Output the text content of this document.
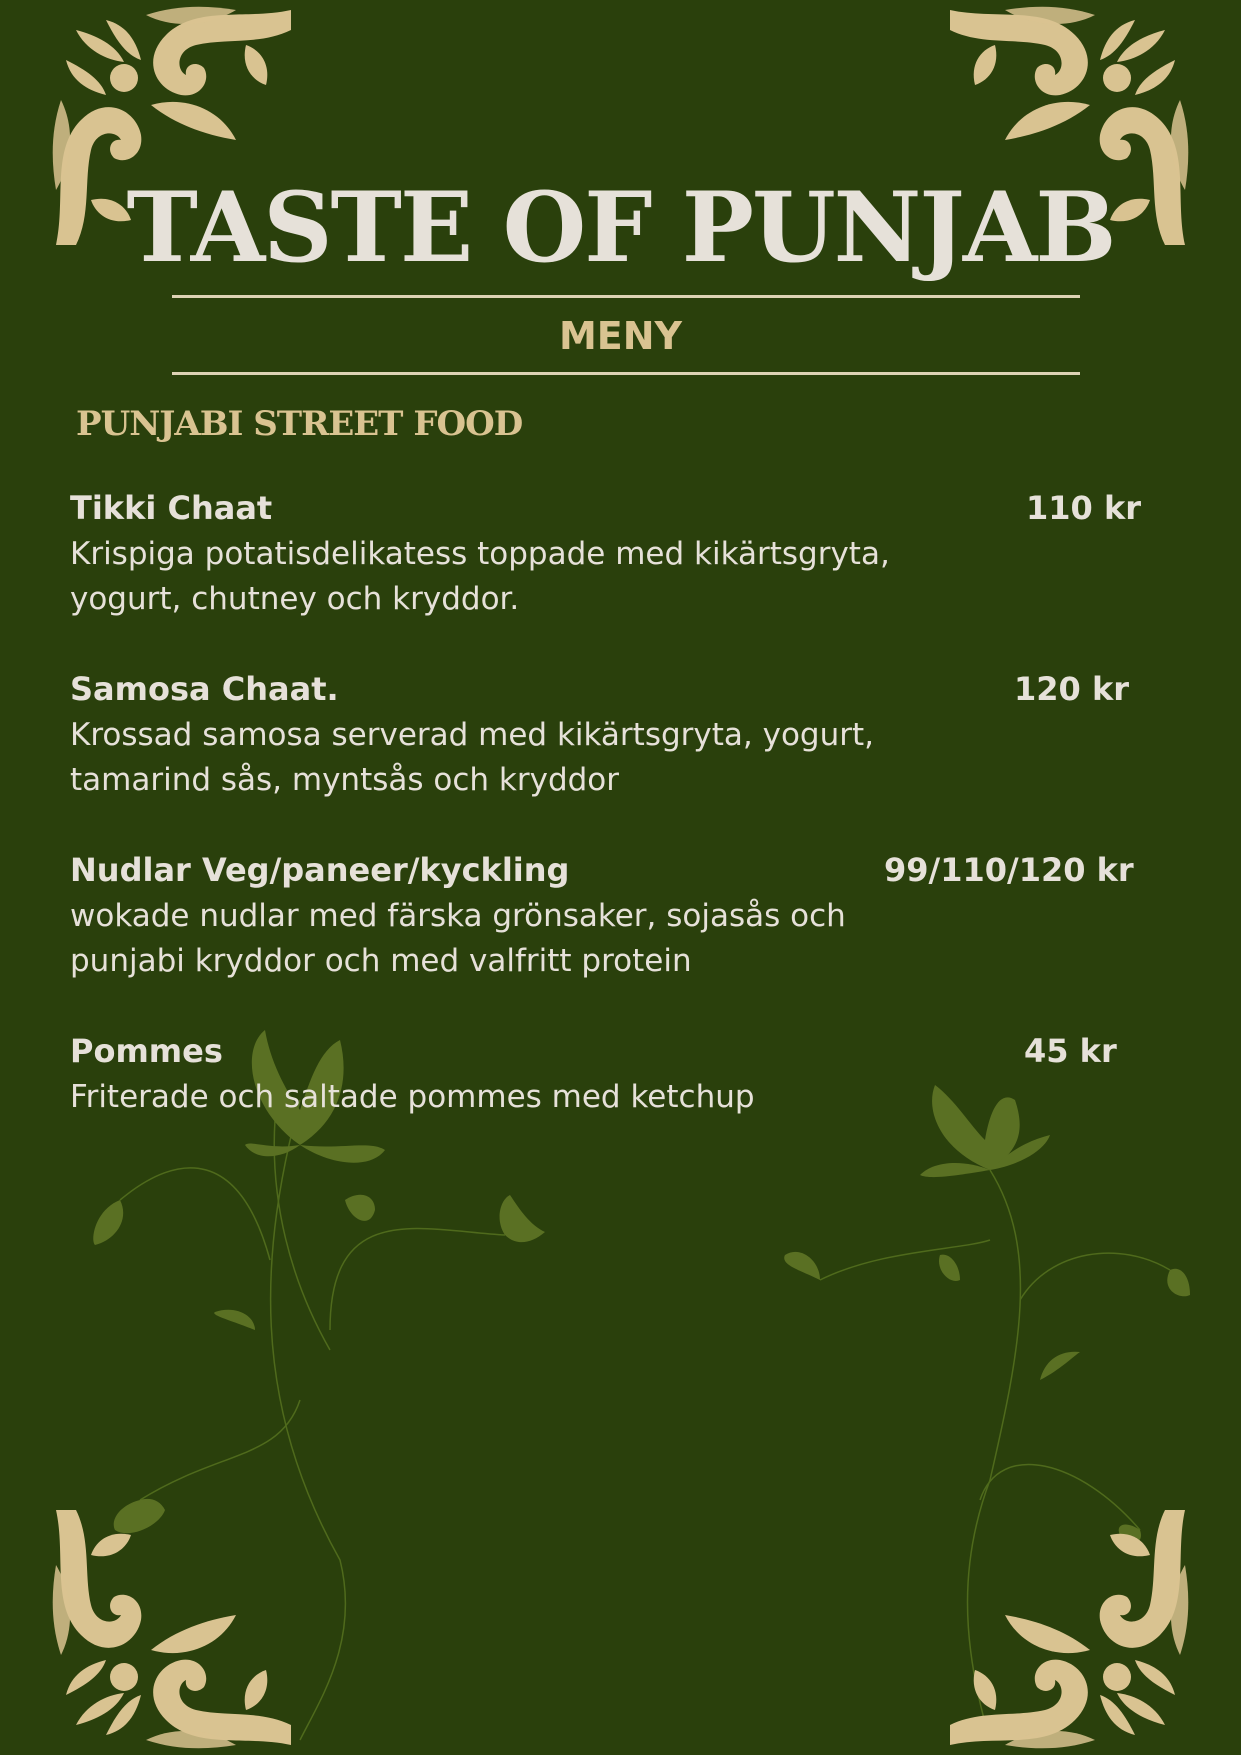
TASTE OF PUNJAB
MENY
PUNJABI STREET FOOD

Tikki Chaat	110 kr

Krispiga potatisdelikatess toppade med kikärtsgryta,
yogurt, chutney och kryddor.

Samosa Chaat.	120 kr

Krossad samosa serverad med kikärtsgryta, yogurt,
tamarind sås, myntsås och kryddor

Nudlar Veg/paneer/kyckling	99/110/120 kr

wokade nudlar med färska grönsaker, sojasås och
punjabi kryddor och med valfritt protein

Pommes	45 kr

Friterade och saltade pommes med ketchup
